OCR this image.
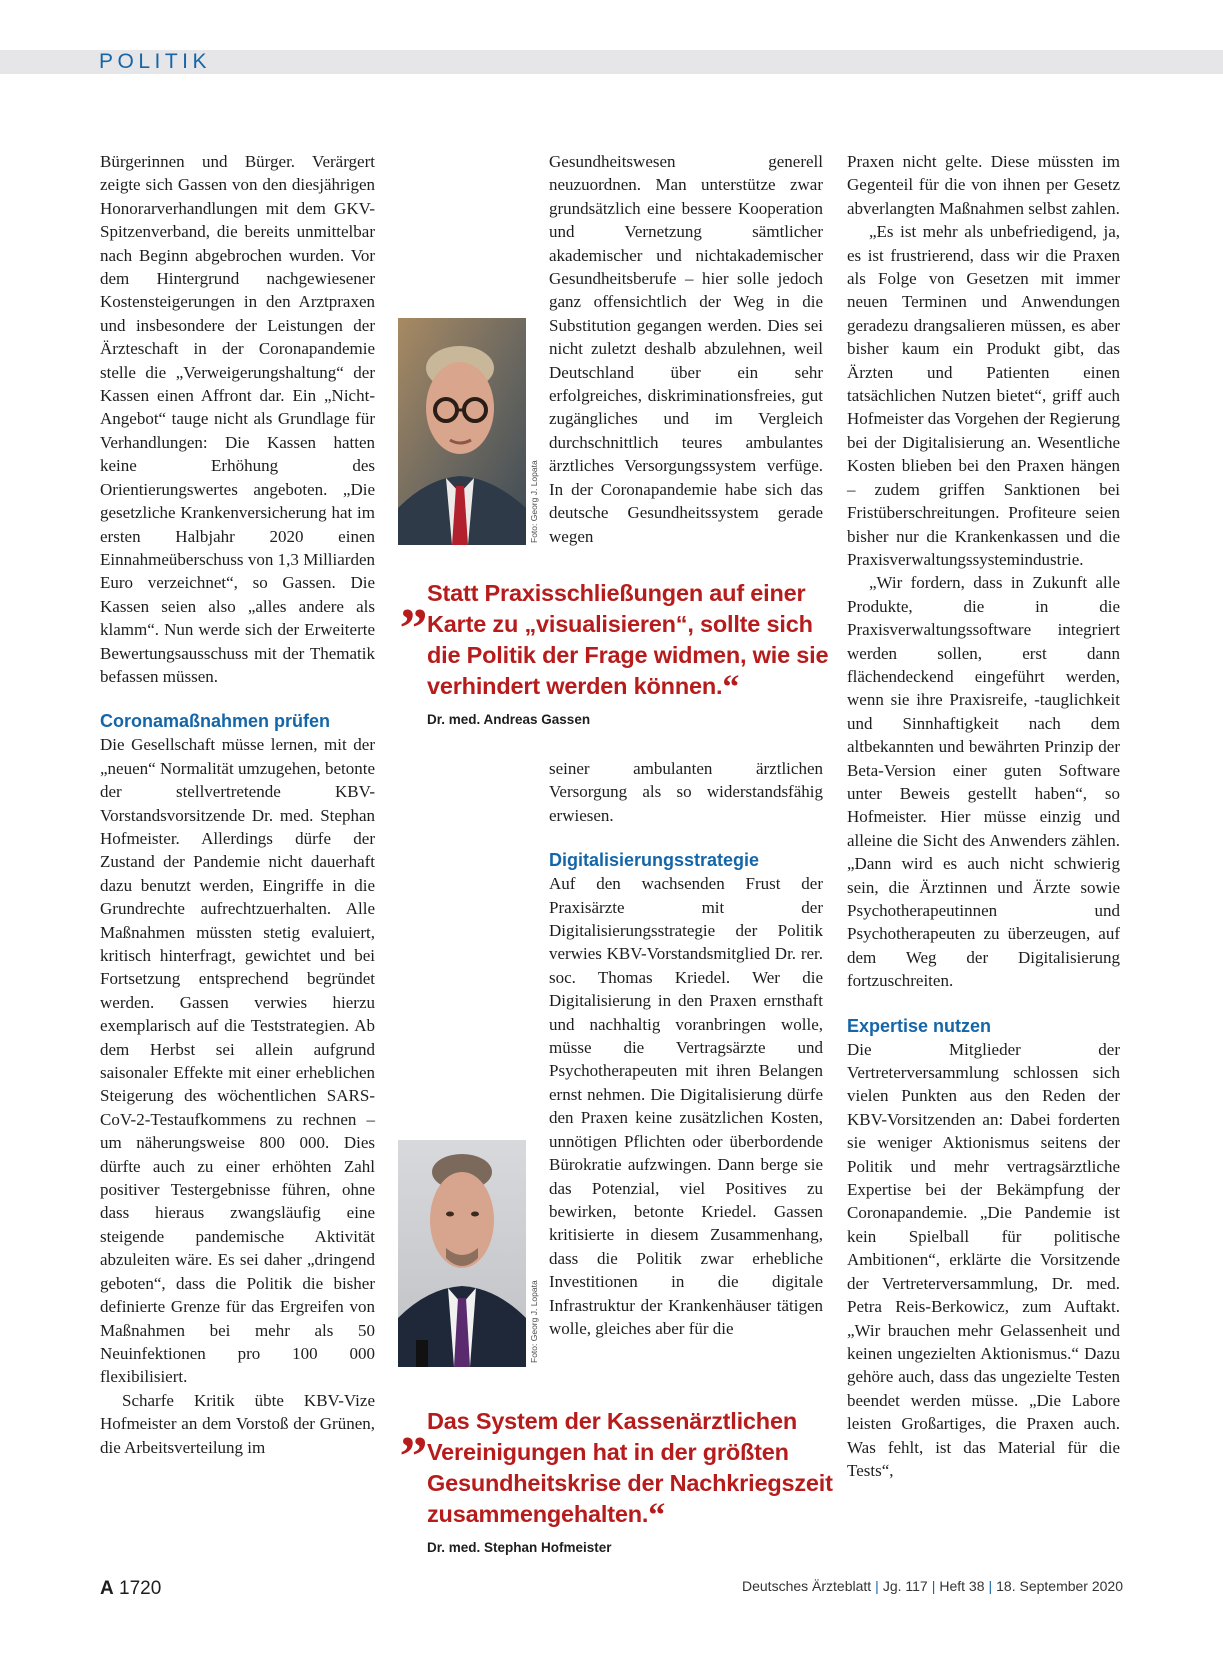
POLITIK

Bürgerinnen und Bürger. Verärgert zeigte sich Gassen von den diesjährigen Honorarverhandlungen mit dem GKV-Spitzenverband, die bereits unmittelbar nach Beginn abgebrochen wurden. Vor dem Hintergrund nachgewiesener Kostensteigerungen in den Arztpraxen und insbesondere der Leistungen der Ärzteschaft in der Coronapandemie stelle die „Verweigerungshaltung“ der Kassen einen Affront dar. Ein „Nicht-Angebot“ tauge nicht als Grundlage für Verhandlungen: Die Kassen hatten keine Erhöhung des Orientierungswertes angeboten. „Die gesetzliche Krankenversicherung hat im ersten Halbjahr 2020 einen Einnahmeüberschuss von 1,3 Milliarden Euro verzeichnet“, so Gassen. Die Kassen seien also „alles andere als klamm“. Nun werde sich der Erweiterte Bewertungsausschuss mit der Thematik befassen müssen.

Coronamaßnahmen prüfen

Die Gesellschaft müsse lernen, mit der „neuen“ Normalität umzugehen, betonte der stellvertretende KBV-Vorstandsvorsitzende Dr. med. Stephan Hofmeister. Allerdings dürfe der Zustand der Pandemie nicht dauerhaft dazu benutzt werden, Eingriffe in die Grundrechte aufrechtzuerhalten. Alle Maßnahmen müssten stetig evaluiert, kritisch hinterfragt, gewichtet und bei Fortsetzung entsprechend begründet werden. Gassen verwies hierzu exemplarisch auf die Teststrategien. Ab dem Herbst sei allein aufgrund saisonaler Effekte mit einer erheblichen Steigerung des wöchentlichen SARS-CoV-2-Testaufkommens zu rechnen – um näherungsweise 800 000. Dies dürfte auch zu einer erhöhten Zahl positiver Testergebnisse führen, ohne dass hieraus zwangsläufig eine steigende pandemische Aktivität abzuleiten wäre. Es sei daher „dringend geboten“, dass die Politik die bisher definierte Grenze für das Ergreifen von Maßnahmen bei mehr als 50 Neuinfektionen pro 100 000 flexibilisiert.

Scharfe Kritik übte KBV-Vize Hofmeister an dem Vorstoß der Grünen, die Arbeitsverteilung im

Gesundheitswesen generell neuzuordnen. Man unterstütze zwar grundsätzlich eine bessere Kooperation und Vernetzung sämtlicher akademischer und nichtakademischer Gesundheitsberufe – hier solle jedoch ganz offensichtlich der Weg in die Substitution gegangen werden. Dies sei nicht zuletzt deshalb abzulehnen, weil Deutschland über ein sehr erfolgreiches, diskriminationsfreies, gut zugängliches und im Vergleich durchschnittlich teures ambulantes ärztliches Versorgungssystem verfüge. In der Coronapandemie habe sich das deutsche Gesundheitssystem gerade wegen

seiner ambulanten ärztlichen Versorgung als so widerstandsfähig erwiesen.

Digitalisierungsstrategie

Auf den wachsenden Frust der Praxisärzte mit der Digitalisierungsstrategie der Politik verwies KBV-Vorstandsmitglied Dr. rer. soc. Thomas Kriedel. Wer die Digitalisierung in den Praxen ernsthaft und nachhaltig voranbringen wolle, müsse die Vertragsärzte und Psychotherapeuten mit ihren Belangen ernst nehmen. Die Digitalisierung dürfe den Praxen keine zusätzlichen Kosten, unnötigen Pflichten oder überbordende Bürokratie aufzwingen. Dann berge sie das Potenzial, viel Positives zu bewirken, betonte Kriedel. Gassen kritisierte in diesem Zusammenhang, dass die Politik zwar erhebliche Investitionen in die digitale Infrastruktur der Krankenhäuser tätigen wolle, gleiches aber für die

Praxen nicht gelte. Diese müssten im Gegenteil für die von ihnen per Gesetz abverlangten Maßnahmen selbst zahlen.

„Es ist mehr als unbefriedigend, ja, es ist frustrierend, dass wir die Praxen als Folge von Gesetzen mit immer neuen Terminen und Anwendungen geradezu drangsalieren müssen, es aber bisher kaum ein Produkt gibt, das Ärzten und Patienten einen tatsächlichen Nutzen bietet“, griff auch Hofmeister das Vorgehen der Regierung bei der Digitalisierung an. Wesentliche Kosten blieben bei den Praxen hängen – zudem griffen Sanktionen bei Fristüberschreitungen. Profiteure seien bisher nur die Krankenkassen und die Praxisverwaltungssystemindustrie.

„Wir fordern, dass in Zukunft alle Produkte, die in die Praxisverwaltungssoftware integriert werden sollen, erst dann flächendeckend eingeführt werden, wenn sie ihre Praxisreife, -tauglichkeit und Sinnhaftigkeit nach dem altbekannten und bewährten Prinzip der Beta-Version einer guten Software unter Beweis gestellt haben“, so Hofmeister. Hier müsse einzig und alleine die Sicht des Anwenders zählen. „Dann wird es auch nicht schwierig sein, die Ärztinnen und Ärzte sowie Psychotherapeutinnen und Psychotherapeuten zu überzeugen, auf dem Weg der Digitalisierung fortzuschreiten.

Expertise nutzen

Die Mitglieder der Vertreterversammlung schlossen sich vielen Punkten aus den Reden der KBV-Vorsitzenden an: Dabei forderten sie weniger Aktionismus seitens der Politik und mehr vertragsärztliche Expertise bei der Bekämpfung der Coronapandemie. „Die Pandemie ist kein Spielball für politische Ambitionen“, erklärte die Vorsitzende der Vertreterversammlung, Dr. med. Petra Reis-Berkowicz, zum Auftakt. „Wir brauchen mehr Gelassenheit und keinen ungezielten Aktionismus.“ Dazu gehöre auch, dass das ungezielte Testen beendet werden müsse. „Die Labore leisten Großartiges, die Praxen auch. Was fehlt, ist das Material für die Tests“,

Foto: Georg J. Lopata
Foto: Georg J. Lopata
„ Statt Praxisschließungen auf einer Karte zu „visualisieren“, sollte sich die Politik der Frage widmen, wie sie verhindert werden können.“
Dr. med. Andreas Gassen
„ Das System der Kassenärztlichen Vereinigungen hat in der größten Gesundheitskrise der Nachkriegszeit zusammengehalten.“
Dr. med. Stephan Hofmeister
A 1720	Deutsches Ärzteblatt | Jg. 117 | Heft 38 | 18. September 2020
